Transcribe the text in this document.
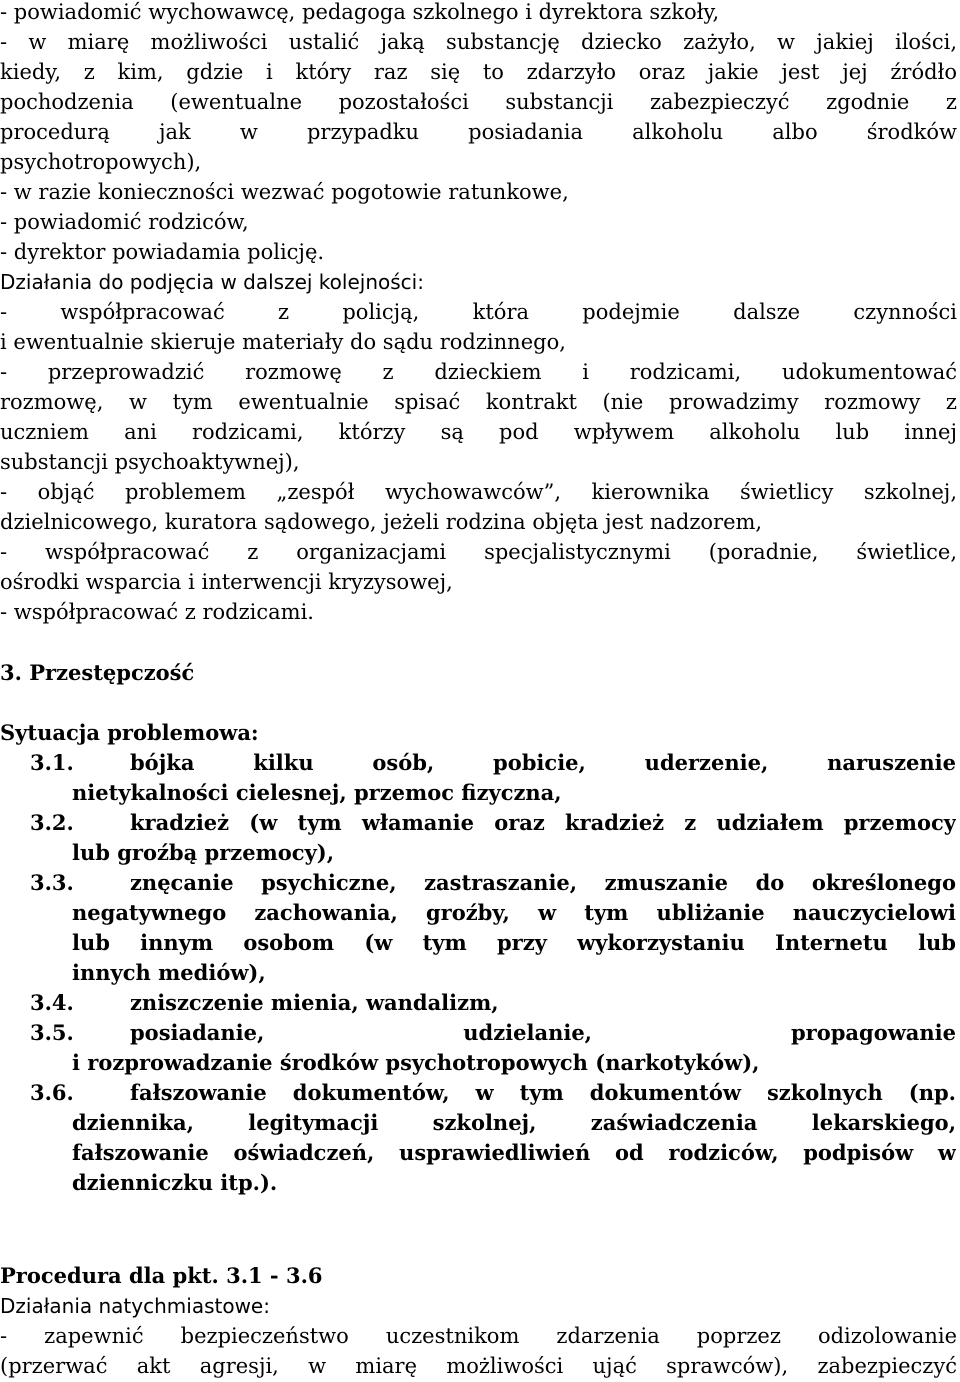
- powiadomić wychowawcę, pedagoga szkolnego i dyrektora szkoły,
- w miarę możliwości ustalić jaką substancję dziecko zażyło, w jakiej ilości,
kiedy, z kim, gdzie i który raz się to zdarzyło oraz jakie jest jej źródło
pochodzenia (ewentualne pozostałości substancji zabezpieczyć zgodnie z
procedurą jak w przypadku posiadania alkoholu albo środków
psychotropowych),
- w razie konieczności wezwać pogotowie ratunkowe,
- powiadomić rodziców,
- dyrektor powiadamia policję.
Działania do podjęcia w dalszej kolejności:
- współpracować z policją, która podejmie dalsze czynności
i ewentualnie skieruje materiały do sądu rodzinnego,
- przeprowadzić rozmowę z dzieckiem i rodzicami, udokumentować
rozmowę, w tym ewentualnie spisać kontrakt (nie prowadzimy rozmowy z
uczniem ani rodzicami, którzy są pod wpływem alkoholu lub innej
substancji psychoaktywnej),
- objąć problemem „zespół wychowawców”, kierownika świetlicy szkolnej,
dzielnicowego, kuratora sądowego, jeżeli rodzina objęta jest nadzorem,
- współpracować z organizacjami specjalistycznymi (poradnie, świetlice,
ośrodki wsparcia i interwencji kryzysowej,
- współpracować z rodzicami.
3. Przestępczość
Sytuacja problemowa:
3.1.	bójka kilku osób, pobicie, uderzenie, naruszenie
nietykalności cielesnej, przemoc fizyczna,
3.2.	kradzież (w tym włamanie oraz kradzież z udziałem przemocy
lub groźbą przemocy),
3.3.	znęcanie psychiczne, zastraszanie, zmuszanie do określonego
negatywnego zachowania, groźby, w tym ubliżanie nauczycielowi
lub innym osobom (w tym przy wykorzystaniu Internetu lub
innych mediów),
3.4.	zniszczenie mienia, wandalizm,
3.5.	posiadanie, udzielanie, propagowanie
i rozprowadzanie środków psychotropowych (narkotyków),
3.6.	fałszowanie dokumentów, w tym dokumentów szkolnych (np.
dziennika, legitymacji szkolnej, zaświadczenia lekarskiego,
fałszowanie oświadczeń, usprawiedliwień od rodziców, podpisów w
dzienniczku itp.).
Procedura dla pkt. 3.1 - 3.6
Działania natychmiastowe:
- zapewnić bezpieczeństwo uczestnikom zdarzenia poprzez odizolowanie
(przerwać akt agresji, w miarę możliwości ująć sprawców), zabezpieczyć
